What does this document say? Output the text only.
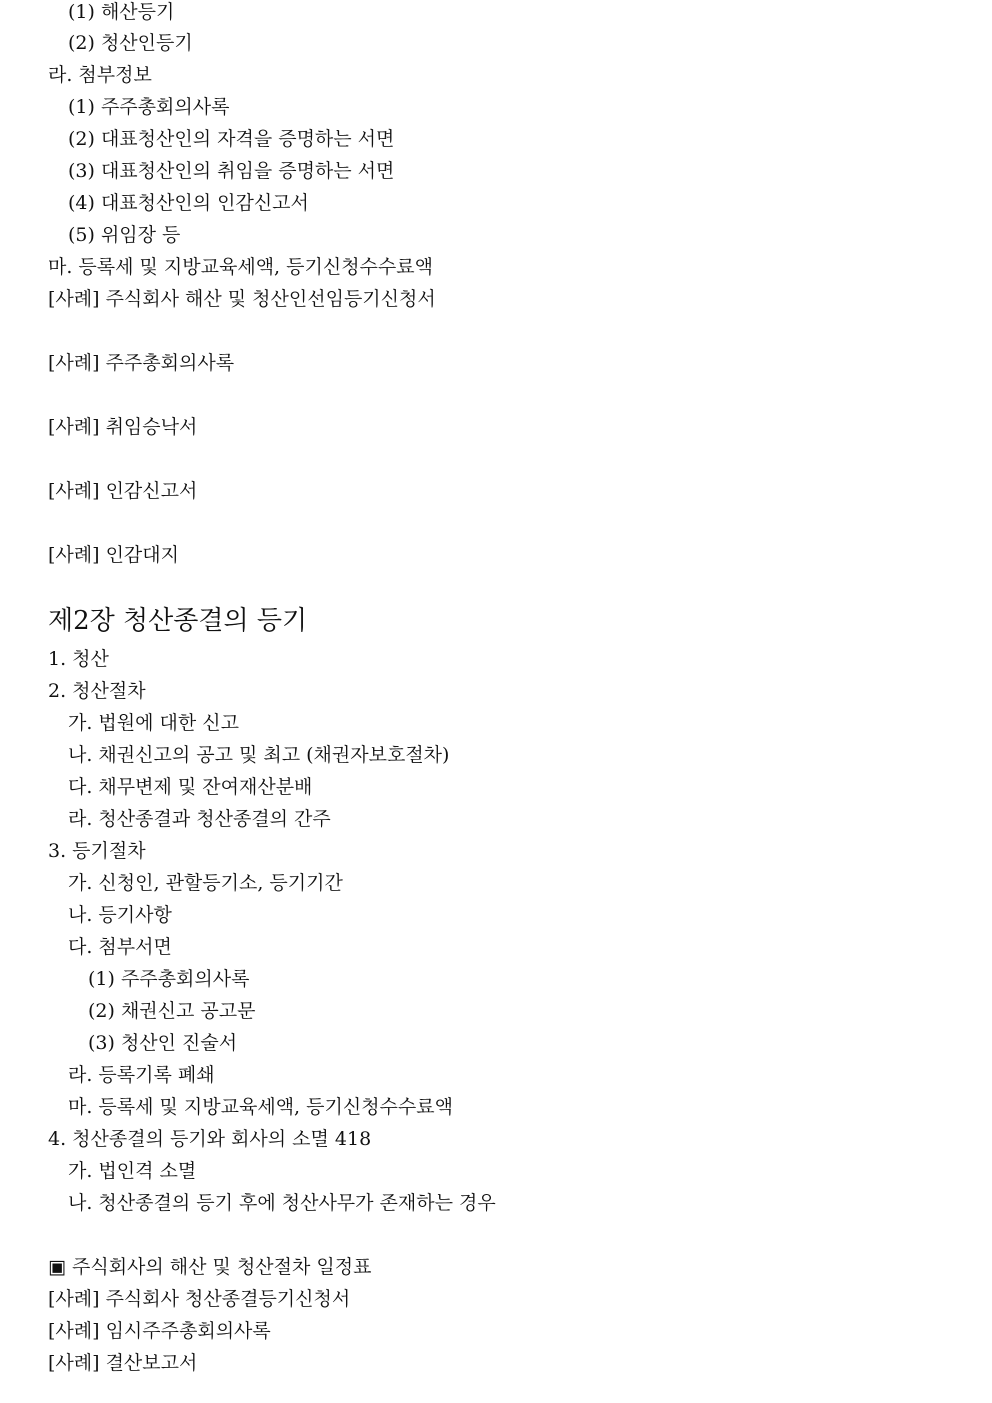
(1) 해산등기
(2) 청산인등기
라. 첨부정보
(1) 주주총회의사록
(2) 대표청산인의 자격을 증명하는 서면
(3) 대표청산인의 취임을 증명하는 서면
(4) 대표청산인의 인감신고서
(5) 위임장 등
마. 등록세 및 지방교육세액, 등기신청수수료액
[사례] 주식회사 해산 및 청산인선임등기신청서
[사례] 주주총회의사록
[사례] 취임승낙서
[사례] 인감신고서
[사례] 인감대지
제2장 청산종결의 등기
1. 청산
2. 청산절차
가. 법원에 대한 신고
나. 채권신고의 공고 및 최고 (채권자보호절차)
다. 채무변제 및 잔여재산분배
라. 청산종결과 청산종결의 간주
3. 등기절차
가. 신청인, 관할등기소, 등기기간
나. 등기사항
다. 첨부서면
(1) 주주총회의사록
(2) 채권신고 공고문
(3) 청산인 진술서
라. 등록기록 폐쇄
마. 등록세 및 지방교육세액, 등기신청수수료액
4. 청산종결의 등기와 회사의 소멸 418
가. 법인격 소멸
나. 청산종결의 등기 후에 청산사무가 존재하는 경우
▣ 주식회사의 해산 및 청산절차 일정표
[사례] 주식회사 청산종결등기신청서
[사례] 임시주주총회의사록
[사례] 결산보고서
